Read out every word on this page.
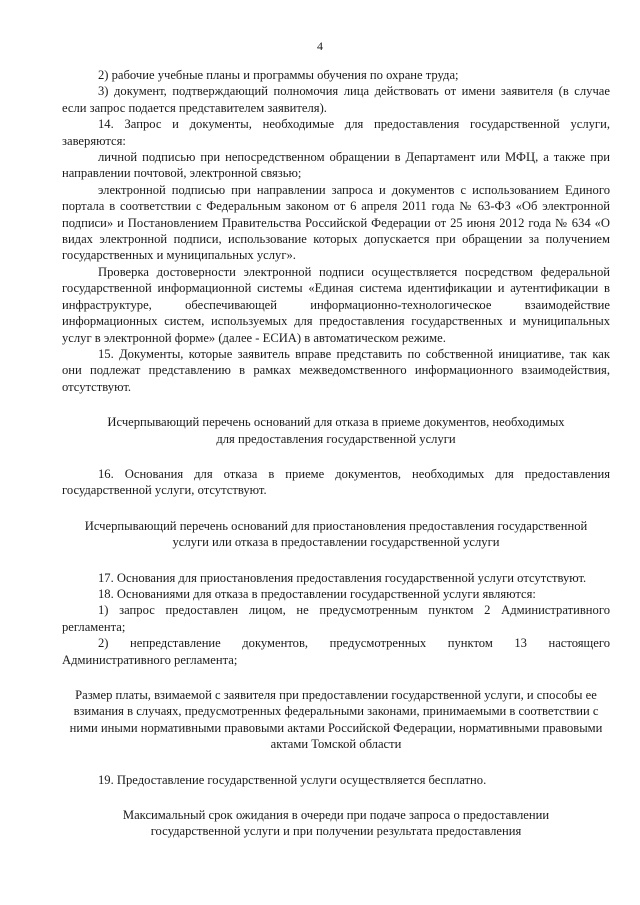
4

2) рабочие учебные планы и программы обучения по охране труда;

3) документ, подтверждающий полномочия лица действовать от имени заявителя (в случае если запрос подается представителем заявителя).

14. Запрос и документы, необходимые для предоставления государственной услуги, заверяются:

личной подписью при непосредственном обращении в Департамент или МФЦ, а также при направлении почтовой, электронной связью;

электронной подписью при направлении запроса и документов с использованием Единого портала в соответствии с Федеральным законом от 6 апреля 2011 года № 63-ФЗ «Об электронной подписи» и Постановлением Правительства Российской Федерации от 25 июня 2012 года № 634 «О видах электронной подписи, использование которых допускается при обращении за получением государственных и муниципальных услуг».

Проверка достоверности электронной подписи осуществляется посредством федеральной государственной информационной системы «Единая система идентификации и аутентификации в инфраструктуре, обеспечивающей информационно-технологическое взаимодействие информационных систем, используемых для предоставления государственных и муниципальных услуг в электронной форме» (далее - ЕСИА) в автоматическом режиме.

15. Документы, которые заявитель вправе представить по собственной инициативе, так как они подлежат представлению в рамках межведомственного информационного взаимодействия, отсутствуют.

Исчерпывающий перечень оснований для отказа в приеме документов, необходимых для предоставления государственной услуги

16. Основания для отказа в приеме документов, необходимых для предоставления государственной услуги, отсутствуют.

Исчерпывающий перечень оснований для приостановления предоставления государственной услуги или отказа в предоставлении государственной услуги

17. Основания для приостановления предоставления государственной услуги отсутствуют.

18. Основаниями для отказа в предоставлении государственной услуги являются:

1) запрос предоставлен лицом, не предусмотренным пунктом 2 Административного регламента;

2) непредставление документов, предусмотренных пунктом 13 настоящего Административного регламента;

Размер платы, взимаемой с заявителя при предоставлении государственной услуги, и способы ее взимания в случаях, предусмотренных федеральными законами, принимаемыми в соответствии с ними иными нормативными правовыми актами Российской Федерации, нормативными правовыми актами Томской области

19. Предоставление государственной услуги осуществляется бесплатно.

Максимальный срок ожидания в очереди при подаче запроса о предоставлении государственной услуги и при получении результата предоставления
